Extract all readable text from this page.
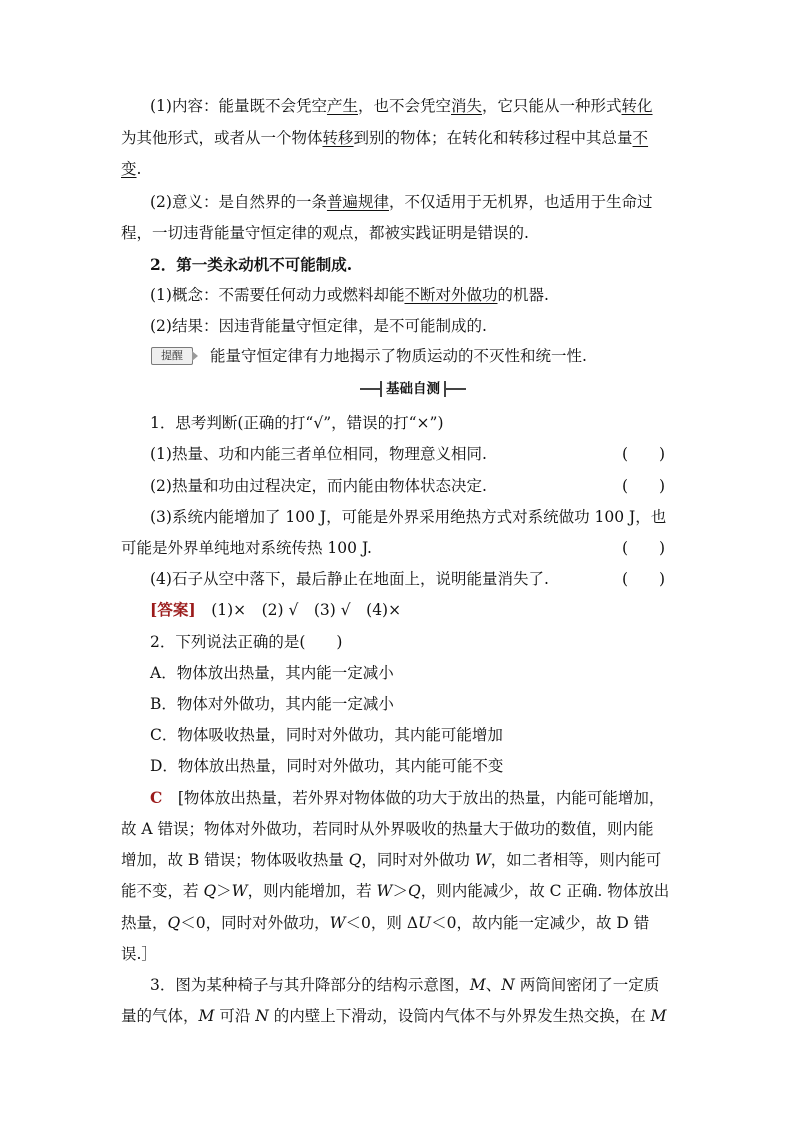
(1)内容：能量既不会凭空产生，也不会凭空消失，它只能从一种形式转化
为其他形式，或者从一个物体转移到别的物体；在转化和转移过程中其总量不
变.
(2)意义：是自然界的一条普遍规律，不仅适用于无机界，也适用于生命过
程，一切违背能量守恒定律的观点，都被实践证明是错误的.
2．第一类永动机不可能制成.
(1)概念：不需要任何动力或燃料却能不断对外做功的机器.
(2)结果：因违背能量守恒定律，是不可能制成的.
提醒	能量守恒定律有力地揭示了物质运动的不灭性和统一性.
基础自测
1．思考判断(正确的打“√”，错误的打“×”)
(1)热量、功和内能三者单位相同，物理意义相同.	(　　)
(2)热量和功由过程决定，而内能由物体状态决定.	(　　)
(3)系统内能增加了 100 J，可能是外界采用绝热方式对系统做功 100 J，也
可能是外界单纯地对系统传热 100 J.	(　　)
(4)石子从空中落下，最后静止在地面上，说明能量消失了.	(　　)
[答案]　 (1)×　(2) √　(3) √　(4)×
2．下列说法正确的是(　　)
A．物体放出热量，其内能一定减小
B．物体对外做功，其内能一定减小
C．物体吸收热量，同时对外做功，其内能可能增加
D．物体放出热量，同时对外做功，其内能可能不变
C　 [物体放出热量，若外界对物体做的功大于放出的热量，内能可能增加，
故 A 错误；物体对外做功，若同时从外界吸收的热量大于做功的数值，则内能
增加，故 B 错误；物体吸收热量 Q，同时对外做功 W，如二者相等，则内能可
能不变，若 Q＞W，则内能增加，若 W＞Q，则内能减少，故 C 正确. 物体放出
热量，Q＜0，同时对外做功，W＜0，则 ΔU＜0，故内能一定减少，故 D 错
误.］
3．图为某种椅子与其升降部分的结构示意图，M、N 两筒间密闭了一定质
量的气体，M 可沿 N 的内壁上下滑动，设筒内气体不与外界发生热交换，在 M
